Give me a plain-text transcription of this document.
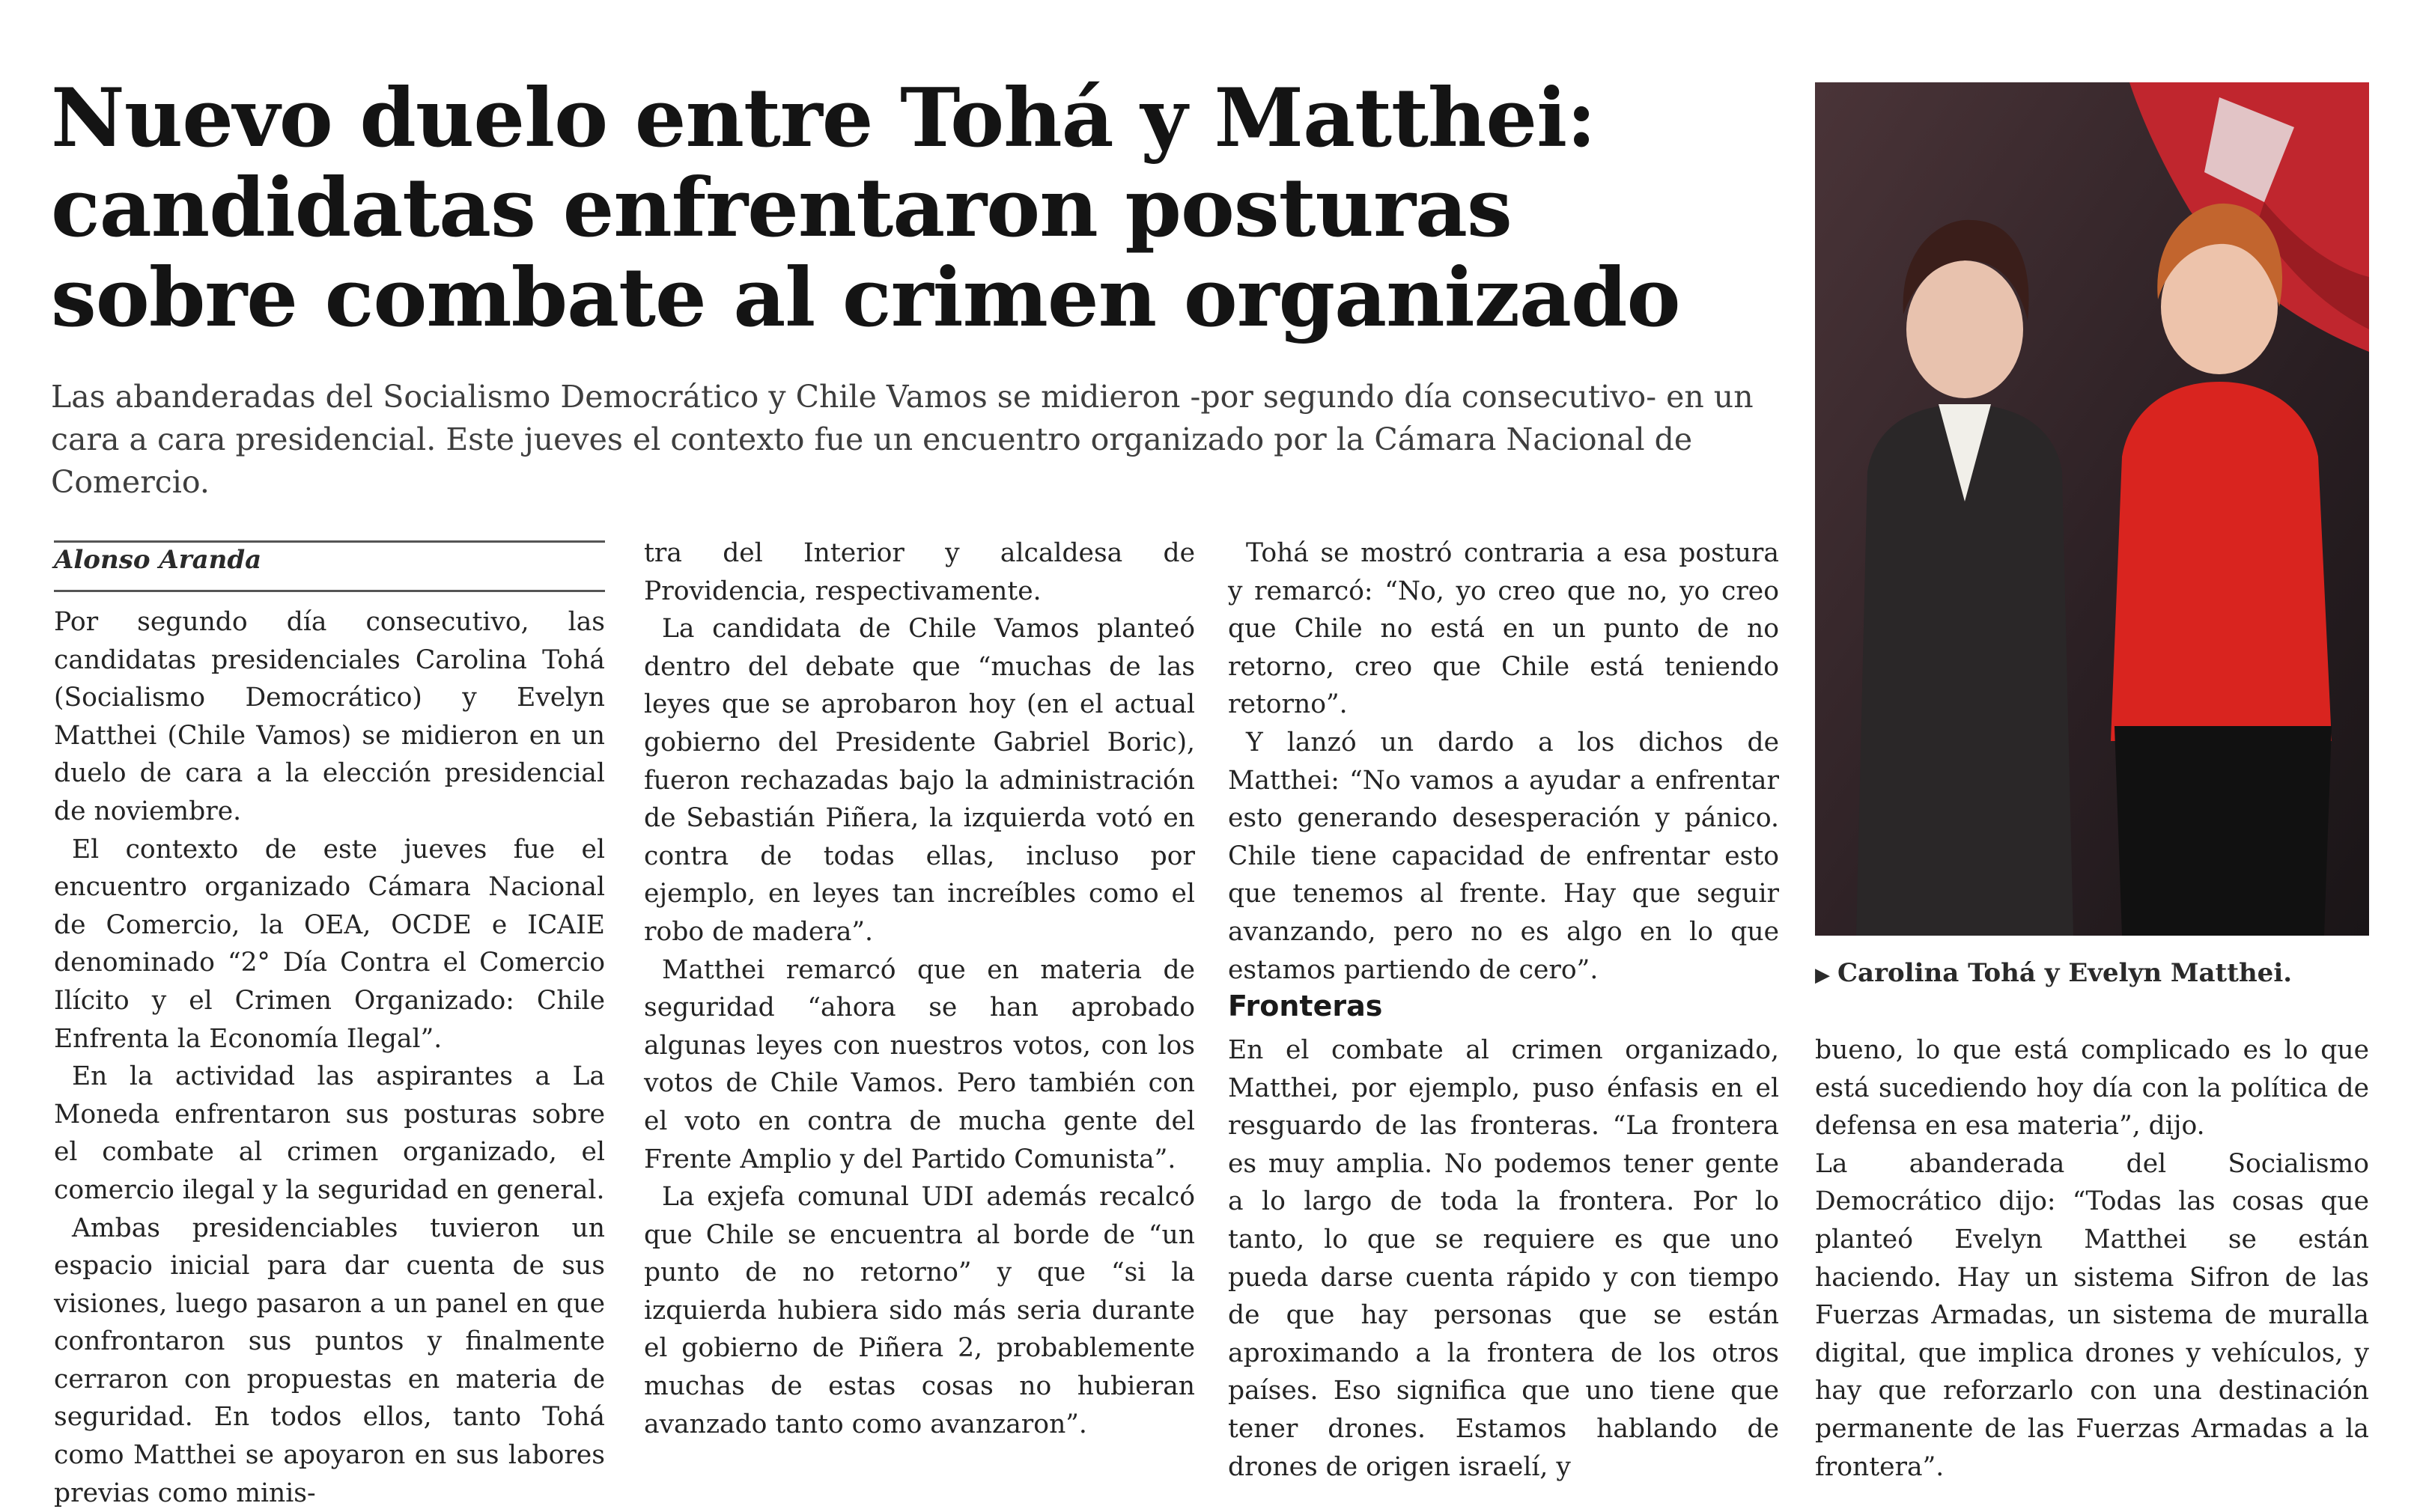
Nuevo duelo entre Tohá y Matthei:
candidatas enfrentaron posturas
sobre combate al crimen organizado
Las abanderadas del Socialismo Democrático y Chile Vamos se midieron -por segundo día consecutivo- en un
cara a cara presidencial. Este jueves el contexto fue un encuentro organizado por la Cámara Nacional de Comercio.
Alonso Aranda

Por segundo día consecutivo, las candidatas presidenciales Carolina Tohá (Socialismo Democrático) y Evelyn Matthei (Chile Vamos) se midieron en un duelo de cara a la elección presidencial de noviembre.

El contexto de este jueves fue el encuentro organizado Cámara Nacional de Comercio, la OEA, OCDE e ICAIE denominado “2° Día Contra el Comercio Ilícito y el Crimen Organizado: Chile Enfrenta la Economía Ilegal”.

En la actividad las aspirantes a La Moneda enfrentaron sus posturas sobre el combate al crimen organizado, el comercio ilegal y la seguridad en general.

Ambas presidenciables tuvieron un espacio inicial para dar cuenta de sus visiones, luego pasaron a un panel en que confrontaron sus puntos y finalmente cerraron con propuestas en materia de seguridad. En todos ellos, tanto Tohá como Matthei se apoyaron en sus labores previas como minis-

tra del Interior y alcaldesa de Providencia, respectivamente.

La candidata de Chile Vamos planteó dentro del debate que “muchas de las leyes que se aprobaron hoy (en el actual gobierno del Presidente Gabriel Boric), fueron rechazadas bajo la administración de Sebastián Piñera, la izquierda votó en contra de todas ellas, incluso por ejemplo, en leyes tan increíbles como el robo de madera”.

Matthei remarcó que en materia de seguridad “ahora se han aprobado algunas leyes con nuestros votos, con los votos de Chile Vamos. Pero también con el voto en contra de mucha gente del Frente Amplio y del Partido Comunista”.

La exjefa comunal UDI además recalcó que Chile se encuentra al borde de “un punto de no retorno” y que “si la izquierda hubiera sido más seria durante el gobierno de Piñera 2, probablemente muchas de estas cosas no hubieran avanzado tanto como avanzaron”.

Tohá se mostró contraria a esa postura y remarcó: “No, yo creo que no, yo creo que Chile no está en un punto de no retorno, creo que Chile está teniendo retorno”.

Y lanzó un dardo a los dichos de Matthei: “No vamos a ayudar a enfrentar esto generando desesperación y pánico. Chile tiene capacidad de enfrentar esto que tenemos al frente. Hay que seguir avanzando, pero no es algo en lo que estamos partiendo de cero”.

Fronteras

En el combate al crimen organizado, Matthei, por ejemplo, puso énfasis en el resguardo de las fronteras. “La frontera es muy amplia. No podemos tener gente a lo largo de toda la frontera. Por lo tanto, lo que se requiere es que uno pueda darse cuenta rápido y con tiempo de que hay personas que se están aproximando a la frontera de los otros países. Eso significa que uno tiene que tener drones. Estamos hablando de drones de origen israelí, y

bueno, lo que está complicado es lo que está sucediendo hoy día con la política de defensa en esa materia”, dijo.

La abanderada del Socialismo Democrático dijo: “Todas las cosas que planteó Evelyn Matthei se están haciendo. Hay un sistema Sifron de las Fuerzas Armadas, un sistema de muralla digital, que implica drones y vehículos, y hay que reforzarlo con una destinación permanente de las Fuerzas Armadas a la frontera”.

▶ Carolina Tohá y Evelyn Matthei.
